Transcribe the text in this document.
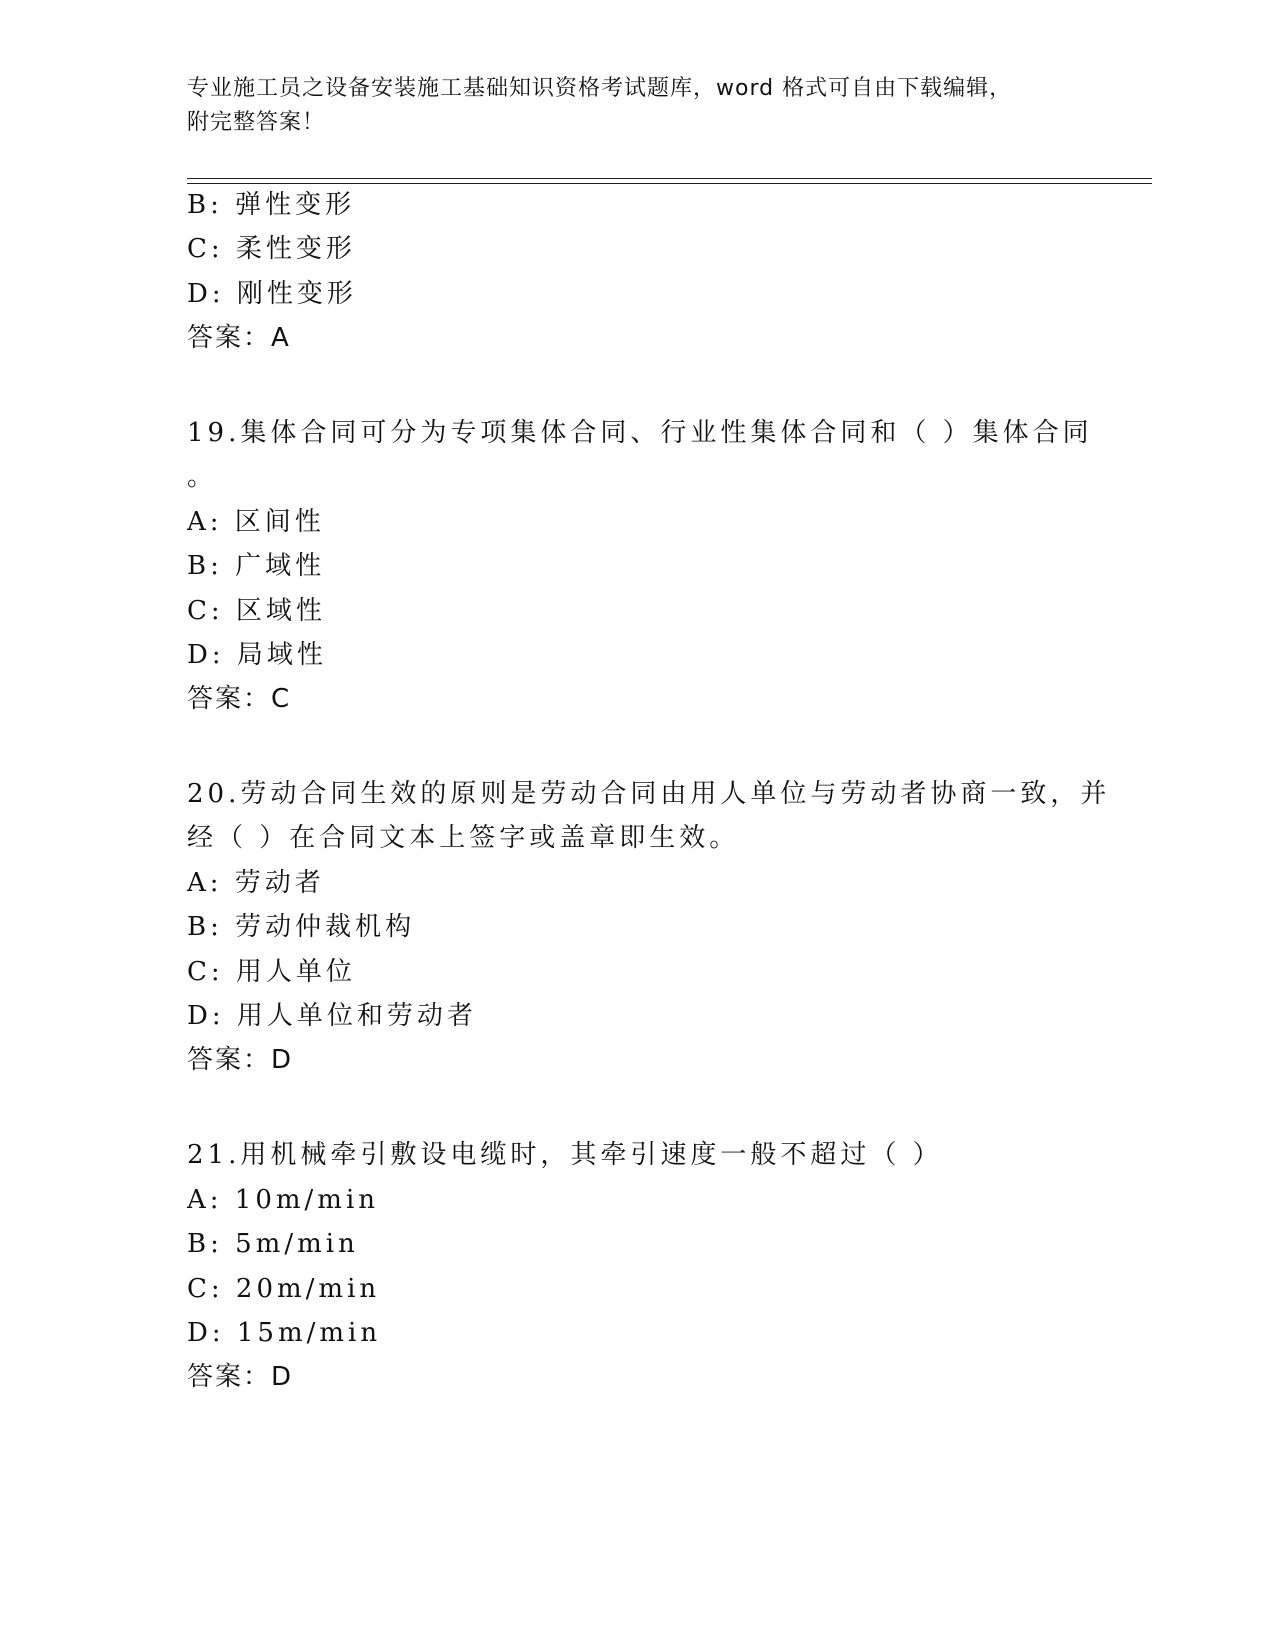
专业施工员之设备安装施工基础知识资格考试题库，word 格式可自由下载编辑，
附完整答案！
B: 弹性变形
C: 柔性变形
D: 刚性变形
答案：A
19.集体合同可分为专项集体合同、行业性集体合同和（ ）集体合同
。
A: 区间性
B: 广域性
C: 区域性
D: 局域性
答案：C
20.劳动合同生效的原则是劳动合同由用人单位与劳动者协商一致，并
经（ ）在合同文本上签字或盖章即生效。
A: 劳动者
B: 劳动仲裁机构
C: 用人单位
D: 用人单位和劳动者
答案：D
21.用机械牵引敷设电缆时，其牵引速度一般不超过（ ）
A: 10m/min
B: 5m/min
C: 20m/min
D: 15m/min
答案：D
